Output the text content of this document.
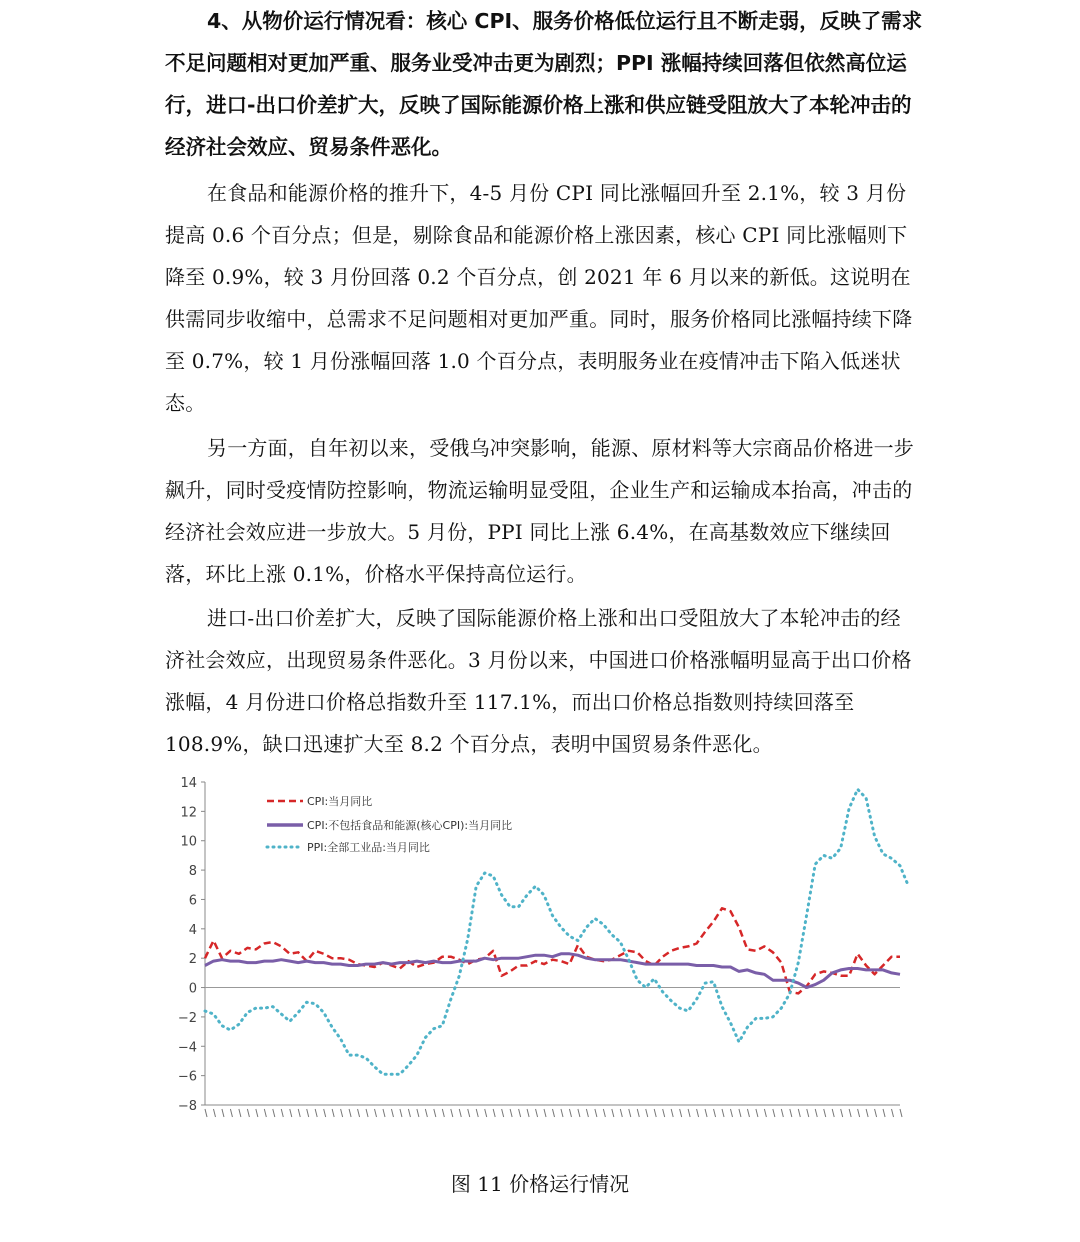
4、从物价运行情况看：核心 CPI、服务价格低位运行且不断走弱，反映了需求不足问题相对更加严重、服务业受冲击更为剧烈；PPI 涨幅持续回落但依然高位运行，进口-出口价差扩大，反映了国际能源价格上涨和供应链受阻放大了本轮冲击的经济社会效应、贸易条件恶化。

在食品和能源价格的推升下，4-5 月份 CPI 同比涨幅回升至 2.1%，较 3 月份提高 0.6 个百分点；但是，剔除食品和能源价格上涨因素，核心 CPI 同比涨幅则下降至 0.9%，较 3 月份回落 0.2 个百分点，创 2021 年 6 月以来的新低。这说明在供需同步收缩中，总需求不足问题相对更加严重。同时，服务价格同比涨幅持续下降至 0.7%，较 1 月份涨幅回落 1.0 个百分点，表明服务业在疫情冲击下陷入低迷状态。

另一方面，自年初以来，受俄乌冲突影响，能源、原材料等大宗商品价格进一步飙升，同时受疫情防控影响，物流运输明显受阻，企业生产和运输成本抬高，冲击的经济社会效应进一步放大。5 月份，PPI 同比上涨 6.4%，在高基数效应下继续回落，环比上涨 0.1%，价格水平保持高位运行。

进口-出口价差扩大，反映了国际能源价格上涨和出口受阻放大了本轮冲击的经济社会效应，出现贸易条件恶化。3 月份以来，中国进口价格涨幅明显高于出口价格涨幅，4 月份进口价格总指数升至 117.1%，而出口价格总指数则持续回落至 108.9%，缺口迅速扩大至 8.2 个百分点，表明中国贸易条件恶化。

−8
−6
−4
−2
0
2
4
6
8
10
12
14
CPI:当月同比
CPI:不包括食品和能源(核心CPI):当月同比
PPI:全部工业品:当月同比

图 11 价格运行情况
